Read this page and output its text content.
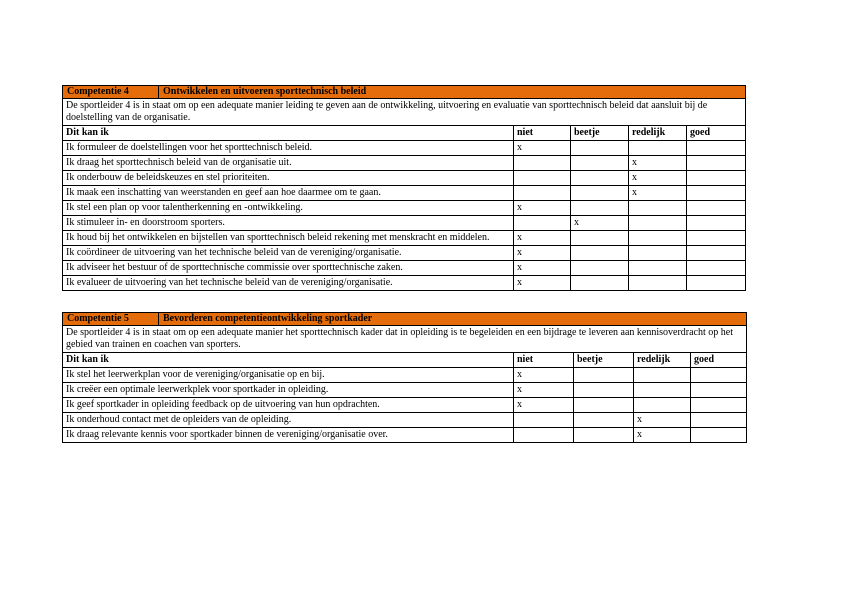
Competentie 4	Ontwikkelen en uitvoeren sporttechnisch beleid				
De sportleider 4 is in staat om op een adequate manier leiding te geven aan de ontwikkeling, uitvoering en evaluatie van sporttechnisch beleid dat aansluit bij de doelstelling van de organisatie.					
Dit kan ik		niet	beetje	redelijk	goed
Ik formuleer de doelstellingen voor het sporttechnisch beleid.		x			
Ik draag het sporttechnisch beleid van de organisatie uit.				x	
Ik onderbouw de beleidskeuzes en stel prioriteiten.				x	
Ik maak een inschatting van weerstanden en geef aan hoe daarmee om te gaan.				x	
Ik stel een plan op voor talentherkenning en -ontwikkeling.		x			
Ik stimuleer in- en doorstroom sporters.			x		
Ik houd bij het ontwikkelen en bijstellen van sporttechnisch beleid rekening met menskracht en middelen.		x			
Ik coördineer de uitvoering van het technische beleid van de vereniging/organisatie.		x			
Ik adviseer het bestuur of de sporttechnische commissie over sporttechnische zaken.		x			
Ik evalueer de uitvoering van het technische beleid van de vereniging/organisatie.		x			
Competentie 5	Bevorderen competentieontwikkeling sportkader				
De sportleider 4 is in staat om op een adequate manier het sporttechnisch kader dat in opleiding is te begeleiden en een bijdrage te leveren aan kennisoverdracht op het gebied van trainen en coachen van sporters.					
Dit kan ik		niet	beetje	redelijk	goed
Ik stel het leerwerkplan voor de vereniging/organisatie op en bij.		x			
Ik creëer een optimale leerwerkplek voor sportkader in opleiding.		x			
Ik geef sportkader in opleiding feedback op de uitvoering van hun opdrachten.		x			
Ik onderhoud contact met de opleiders van de opleiding.				x	
Ik draag relevante kennis voor sportkader binnen de vereniging/organisatie over.				x	
